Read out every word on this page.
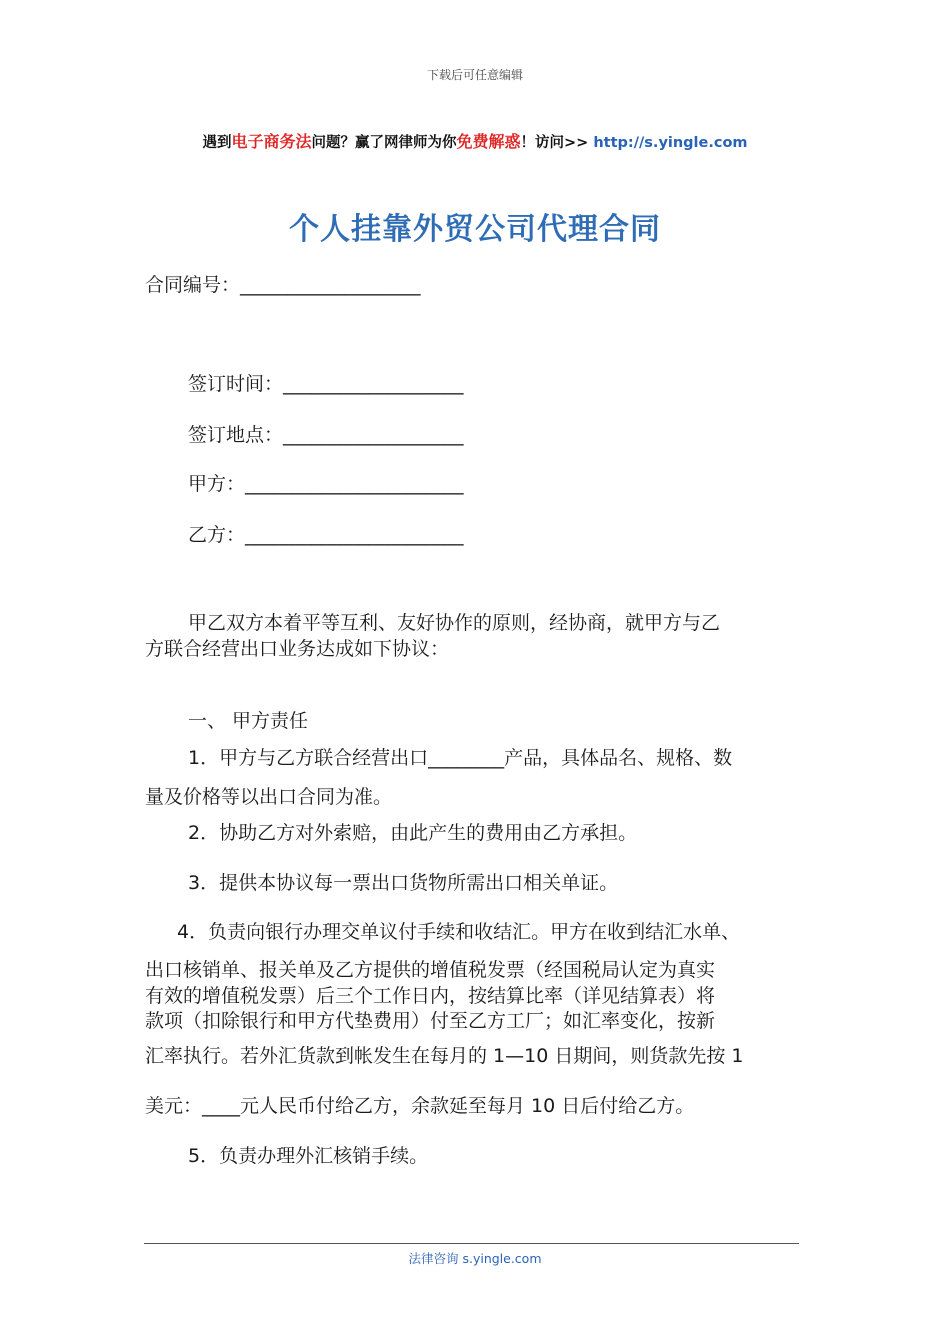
下载后可任意编辑
遇到电子商务法问题？赢了网律师为你免费解惑！访问>> http://s.yingle.com
个人挂靠外贸公司代理合同
合同编号：___________________
签订时间：___________________
签订地点：___________________
甲方：_______________________
乙方：_______________________
甲乙双方本着平等互利、友好协作的原则，经协商，就甲方与乙
方联合经营出口业务达成如下协议：
一、 甲方责任
1．甲方与乙方联合经营出口________产品，具体品名、规格、数
量及价格等以出口合同为准。
2．协助乙方对外索赔，由此产生的费用由乙方承担。
3．提供本协议每一票出口货物所需出口相关单证。
4．负责向银行办理交单议付手续和收结汇。甲方在收到结汇水单、
出口核销单、报关单及乙方提供的增值税发票（经国税局认定为真实
有效的增值税发票）后三个工作日内，按结算比率（详见结算表）将
款项（扣除银行和甲方代垫费用）付至乙方工厂；如汇率变化，按新
汇率执行。若外汇货款到帐发生在每月的 1—10 日期间，则货款先按 1
美元：____元人民币付给乙方，余款延至每月 10 日后付给乙方。
5．负责办理外汇核销手续。
法律咨询 s.yingle.com
